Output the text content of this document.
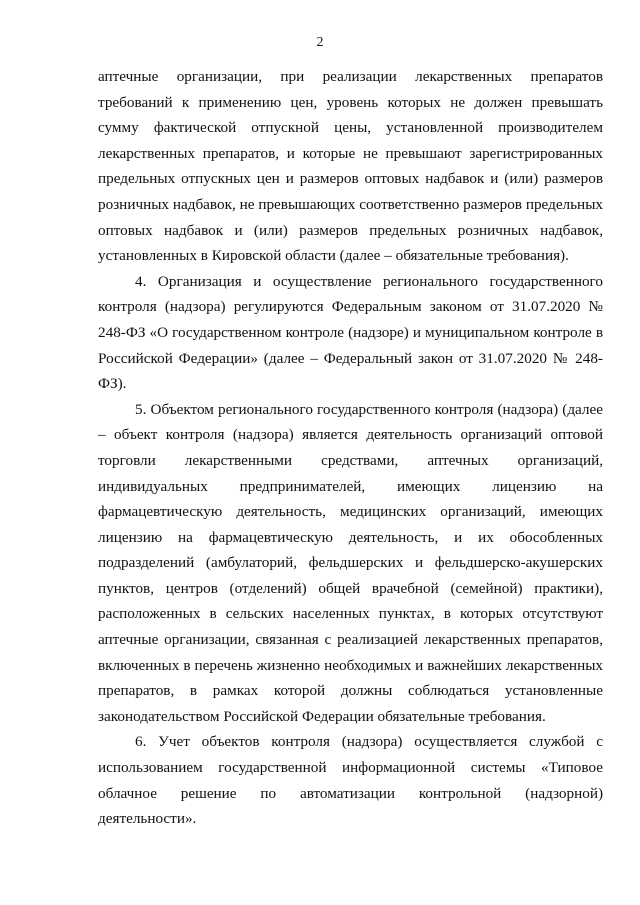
2

аптечные организации, при реализации лекарственных препаратов требований к применению цен, уровень которых не должен превышать сумму фактической отпускной цены, установленной производителем лекарственных препаратов, и которые не превышают зарегистрированных предельных отпускных цен и размеров оптовых надбавок и (или) размеров розничных надбавок, не превышающих соответственно размеров предельных оптовых надбавок и (или) размеров предельных розничных надбавок, установленных в Кировской области (далее – обязательные требования).

4. Организация и осуществление регионального государственного контроля (надзора) регулируются Федеральным законом от 31.07.2020 № 248-ФЗ «О государственном контроле (надзоре) и муниципальном контроле в Российской Федерации» (далее – Федеральный закон от 31.07.2020 № 248-ФЗ).

5. Объектом регионального государственного контроля (надзора) (далее – объект контроля (надзора) является деятельность организаций оптовой торговли лекарственными средствами, аптечных организаций, индивидуальных предпринимателей, имеющих лицензию на фармацевтическую деятельность, медицинских организаций, имеющих лицензию на фармацевтическую деятельность, и их обособленных подразделений (амбулаторий, фельдшерских и фельдшерско-акушерских пунктов, центров (отделений) общей врачебной (семейной) практики), расположенных в сельских населенных пунктах, в которых отсутствуют аптечные организации, связанная с реализацией лекарственных препаратов, включенных в перечень жизненно необходимых и важнейших лекарственных препаратов, в рамках которой должны соблюдаться установленные законодательством Российской Федерации обязательные требования.

6. Учет объектов контроля (надзора) осуществляется службой с использованием государственной информационной системы «Типовое облачное решение по автоматизации контрольной (надзорной) деятельности».
